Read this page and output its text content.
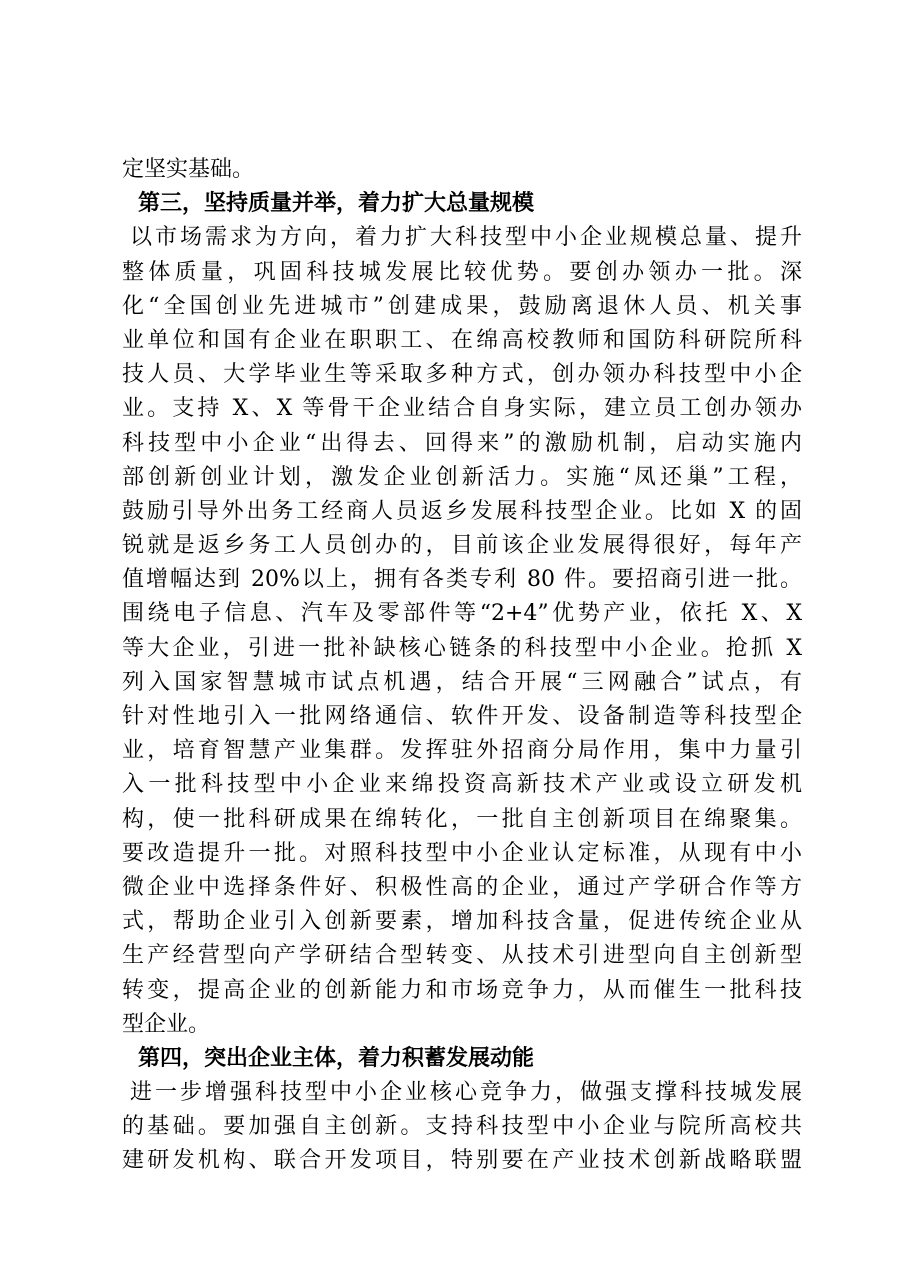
定坚实基础。
第三，坚持质量并举，着力扩大总量规模
以市场需求为方向，着力扩大科技型中小企业规模总量、提升
整体质量，巩固科技城发展比较优势。要创办领办一批。深
化“全国创业先进城市”创建成果，鼓励离退休人员、机关事
业单位和国有企业在职职工、在绵高校教师和国防科研院所科
技人员、大学毕业生等采取多种方式，创办领办科技型中小企
业。支持 X、X 等骨干企业结合自身实际，建立员工创办领办
科技型中小企业“出得去、回得来”的激励机制，启动实施内
部创新创业计划，激发企业创新活力。实施“凤还巢”工程，
鼓励引导外出务工经商人员返乡发展科技型企业。比如 X 的固
锐就是返乡务工人员创办的，目前该企业发展得很好，每年产
值增幅达到 20%以上，拥有各类专利 80 件。要招商引进一批。
围绕电子信息、汽车及零部件等“2+4”优势产业，依托 X、X
等大企业，引进一批补缺核心链条的科技型中小企业。抢抓 X
列入国家智慧城市试点机遇，结合开展“三网融合”试点，有
针对性地引入一批网络通信、软件开发、设备制造等科技型企
业，培育智慧产业集群。发挥驻外招商分局作用，集中力量引
入一批科技型中小企业来绵投资高新技术产业或设立研发机
构，使一批科研成果在绵转化，一批自主创新项目在绵聚集。
要改造提升一批。对照科技型中小企业认定标准，从现有中小
微企业中选择条件好、积极性高的企业，通过产学研合作等方
式，帮助企业引入创新要素，增加科技含量，促进传统企业从
生产经营型向产学研结合型转变、从技术引进型向自主创新型
转变，提高企业的创新能力和市场竞争力，从而催生一批科技
型企业。
第四，突出企业主体，着力积蓄发展动能
进一步增强科技型中小企业核心竞争力，做强支撑科技城发展
的基础。要加强自主创新。支持科技型中小企业与院所高校共
建研发机构、联合开发项目，特别要在产业技术创新战略联盟
